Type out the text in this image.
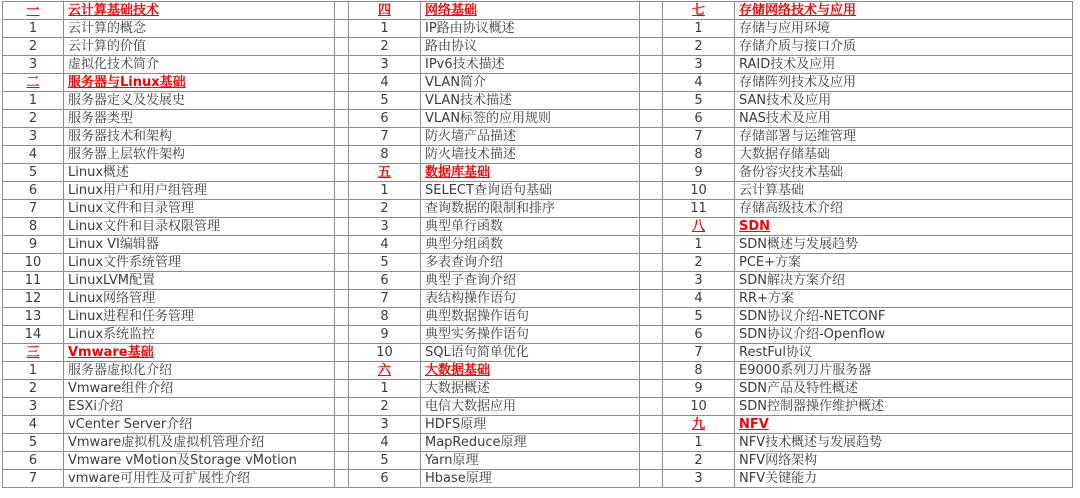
一	云计算基础技术		四	网络基础		七	存储网络技术与应用
1	云计算的概念		1	IP路由协议概述		1	存储与应用环境
2	云计算的价值		2	路由协议		2	存储介质与接口介质
3	虚拟化技术简介		3	IPv6技术描述		3	RAID技术及应用
二	服务器与Linux基础		4	VLAN简介		4	存储阵列技术及应用
1	服务器定义及发展史		5	VLAN技术描述		5	SAN技术及应用
2	服务器类型		6	VLAN标签的应用规则		6	NAS技术及应用
3	服务器技术和架构		7	防火墙产品描述		7	存储部署与运维管理
4	服务器上层软件架构		8	防火墙技术描述		8	大数据存储基础
5	Linux概述		五	数据库基础		9	备份容灾技术基础
6	Linux用户和用户组管理		1	SELECT查询语句基础		10	云计算基础
7	Linux文件和目录管理		2	查询数据的限制和排序		11	存储高级技术介绍
8	Linux文件和目录权限管理		3	典型单行函数		八	SDN
9	Linux VI编辑器		4	典型分组函数		1	SDN概述与发展趋势
10	Linux文件系统管理		5	多表查询介绍		2	PCE+方案
11	LinuxLVM配置		6	典型子查询介绍		3	SDN解决方案介绍
12	Linux网络管理		7	表结构操作语句		4	RR+方案
13	Linux进程和任务管理		8	典型数据操作语句		5	SDN协议介绍-NETCONF
14	Linux系统监控		9	典型实务操作语句		6	SDN协议介绍-Openflow
三	Vmware基础		10	SQL语句简单优化		7	RestFul协议
1	服务器虚拟化介绍		六	大数据基础		8	E9000系列刀片服务器
2	Vmware组件介绍		1	大数据概述		9	SDN产品及特性概述
3	ESXi介绍		2	电信大数据应用		10	SDN控制器操作维护概述
4	vCenter Server介绍		3	HDFS原理		九	NFV
5	Vmware虚拟机及虚拟机管理介绍		4	MapReduce原理		1	NFV技术概述与发展趋势
6	Vmware vMotion及Storage vMotion		5	Yarn原理		2	NFV网络架构
7	vmware可用性及可扩展性介绍		6	Hbase原理		3	NFV关键能力
